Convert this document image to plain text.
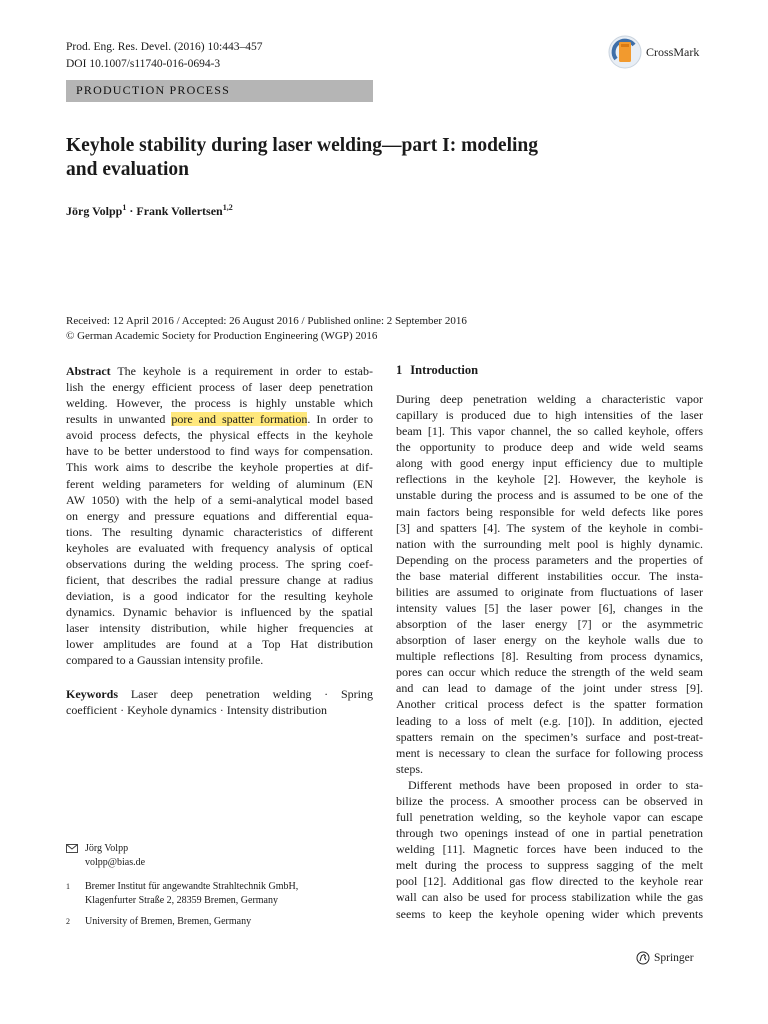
Prod. Eng. Res. Devel. (2016) 10:443–457
DOI 10.1007/s11740-016-0694-3
CrossMark
PRODUCTION PROCESS
Keyhole stability during laser welding—part I: modeling
and evaluation
Jörg Volpp$^1$ · Frank Vollertsen$^{1,2}$
Received: 12 April 2016 / Accepted: 26 August 2016 / Published online: 2 September 2016
© German Academic Society for Production Engineering (WGP) 2016
Abstract The keyhole is a requirement in order to estab-
lish the energy efficient process of laser deep penetration
welding. However, the process is highly unstable which
results in unwanted pore and spatter formation. In order to
avoid process defects, the physical effects in the keyhole
have to be better understood to find ways for compensation.
This work aims to describe the keyhole properties at dif-
ferent welding parameters for welding of aluminum (EN
AW 1050) with the help of a semi-analytical model based
on energy and pressure equations and differential equa-
tions. The resulting dynamic characteristics of different
keyholes are evaluated with frequency analysis of optical
observations during the welding process. The spring coef-
ficient, that describes the radial pressure change at radius
deviation, is a good indicator for the resulting keyhole
dynamics. Dynamic behavior is influenced by the spatial
laser intensity distribution, while higher frequencies at
lower amplitudes are found at a Top Hat distribution
compared to a Gaussian intensity profile.
Keywords Laser deep penetration welding · Spring
coefficient · Keyhole dynamics · Intensity distribution
Jörg Volpp
volpp@bias.de
1 Bremer Institut für angewandte Strahltechnik GmbH,
Klagenfurter Straße 2, 28359 Bremen, Germany
2 University of Bremen, Bremen, Germany
1 Introduction
During deep penetration welding a characteristic vapor
capillary is produced due to high intensities of the laser
beam [1]. This vapor channel, the so called keyhole, offers
the opportunity to produce deep and wide weld seams
along with good energy input efficiency due to multiple
reflections in the keyhole [2]. However, the keyhole is
unstable during the process and is assumed to be one of the
main factors being responsible for weld defects like pores
[3] and spatters [4]. The system of the keyhole in combi-
nation with the surrounding melt pool is highly dynamic.
Depending on the process parameters and the properties of
the base material different instabilities occur. The insta-
bilities are assumed to originate from fluctuations of laser
intensity values [5] the laser power [6], changes in the
absorption of the laser energy [7] or the asymmetric
absorption of laser energy on the keyhole walls due to
multiple reflections [8]. Resulting from process dynamics,
pores can occur which reduce the strength of the weld seam
and can lead to damage of the joint under stress [9].
Another critical process defect is the spatter formation
leading to a loss of melt (e.g. [10]). In addition, ejected
spatters remain on the specimen’s surface and post-treat-
ment is necessary to clean the surface for following process
steps.
Different methods have been proposed in order to sta-
bilize the process. A smoother process can be observed in
full penetration welding, so the keyhole vapor can escape
through two openings instead of one in partial penetration
welding [11]. Magnetic forces have been induced to the
melt during the process to suppress sagging of the melt
pool [12]. Additional gas flow directed to the keyhole rear
wall can also be used for process stabilization while the gas
seems to keep the keyhole opening wider which prevents
Springer
